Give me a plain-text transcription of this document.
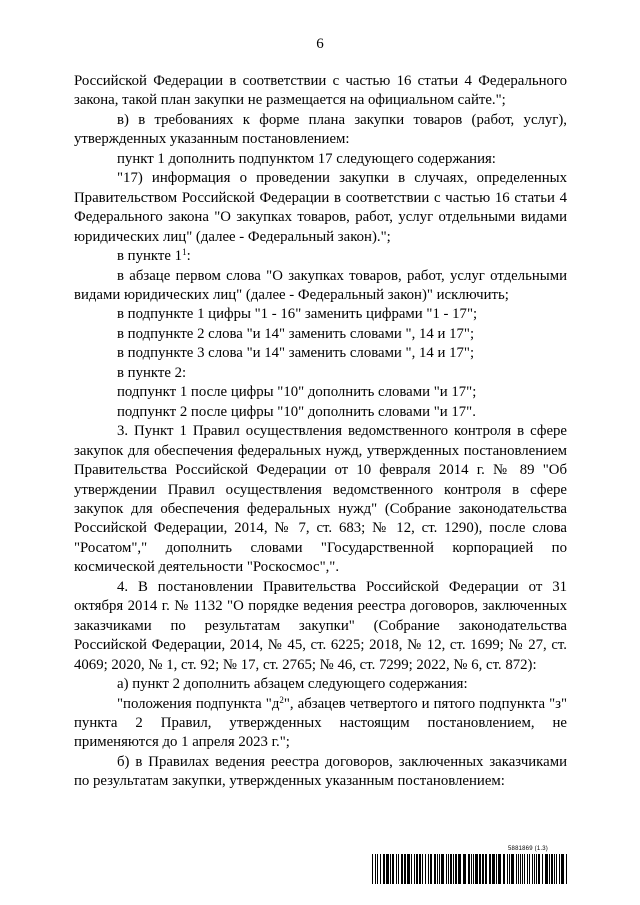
6

Российской Федерации в соответствии с частью 16 статьи 4 Федерального закона, такой план закупки не размещается на официальном сайте.";

в) в требованиях к форме плана закупки товаров (работ, услуг), утвержденных указанным постановлением:

пункт 1 дополнить подпунктом 17 следующего содержания:

"17) информация о проведении закупки в случаях, определенных Правительством Российской Федерации в соответствии с частью 16 статьи 4 Федерального закона "О закупках товаров, работ, услуг отдельными видами юридических лиц" (далее - Федеральный закон).";

в пункте $1^1$:

в абзаце первом слова "О закупках товаров, работ, услуг отдельными видами юридических лиц" (далее - Федеральный закон)" исключить;

в подпункте 1 цифры "1 - 16" заменить цифрами "1 - 17";

в подпункте 2 слова "и 14" заменить словами ", 14 и 17";

в подпункте 3 слова "и 14" заменить словами ", 14 и 17";

в пункте 2:

подпункт 1 после цифры "10" дополнить словами "и 17";

подпункт 2 после цифры "10" дополнить словами "и 17".

3. Пункт 1 Правил осуществления ведомственного контроля в сфере закупок для обеспечения федеральных нужд, утвержденных постановлением Правительства Российской Федерации от 10 февраля 2014 г. № 89 "Об утверждении Правил осуществления ведомственного контроля в сфере закупок для обеспечения федеральных нужд" (Собрание законодательства Российской Федерации, 2014, № 7, ст. 683; № 12, ст. 1290), после слова "Росатом"," дополнить словами "Государственной корпорацией по космической деятельности "Роскосмос",".

4. В постановлении Правительства Российской Федерации от 31 октября 2014 г. № 1132 "О порядке ведения реестра договоров, заключенных заказчиками по результатам закупки" (Собрание законодательства Российской Федерации, 2014, № 45, ст. 6225; 2018, № 12, ст. 1699; № 27, ст. 4069; 2020, № 1, ст. 92; № 17, ст. 2765; № 46, ст. 7299; 2022, № 6, ст. 872):

а) пункт 2 дополнить абзацем следующего содержания:

"положения подпункта "$д^2$", абзацев четвертого и пятого подпункта "з" пункта 2 Правил, утвержденных настоящим постановлением, не применяются до 1 апреля 2023 г.";

б) в Правилах ведения реестра договоров, заключенных заказчиками по результатам закупки, утвержденных указанным постановлением:

5881869 (1.3)
